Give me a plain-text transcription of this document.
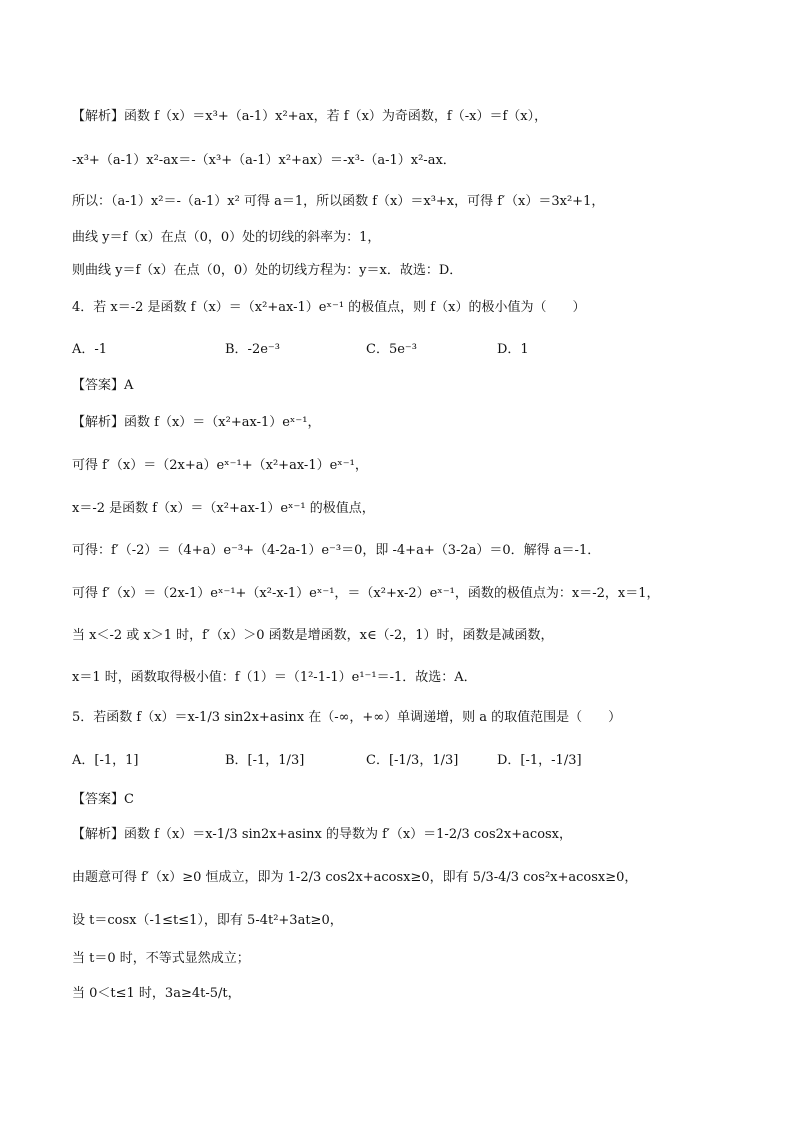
【解析】函数 f（x）＝x³+（a-1）x²+ax，若 f（x）为奇函数，f（-x）＝f（x），
-x³+（a-1）x²-ax＝-（x³+（a-1）x²+ax）＝-x³-（a-1）x²-ax．
所以：（a-1）x²＝-（a-1）x² 可得 a＝1，所以函数 f（x）＝x³+x，可得 f′（x）＝3x²+1，
曲线 y＝f（x）在点（0，0）处的切线的斜率为：1，
则曲线 y＝f（x）在点（0，0）处的切线方程为：y＝x．故选：D．
4．若 x＝-2 是函数 f（x）＝（x²+ax-1）eˣ⁻¹ 的极值点，则 f（x）的极小值为（　　）
A．-1	B．-2e⁻³	C．5e⁻³	D．1
【答案】A
【解析】函数 f（x）＝（x²+ax-1）eˣ⁻¹，
可得 f′（x）＝（2x+a）eˣ⁻¹+（x²+ax-1）eˣ⁻¹，
x＝-2 是函数 f（x）＝（x²+ax-1）eˣ⁻¹ 的极值点，
可得：f′（-2）＝（4+a）e⁻³+（4-2a-1）e⁻³＝0，即 -4+a+（3-2a）＝0．解得 a＝-1．
可得 f′（x）＝（2x-1）eˣ⁻¹+（x²-x-1）eˣ⁻¹，＝（x²+x-2）eˣ⁻¹，函数的极值点为：x＝-2，x＝1，
当 x＜-2 或 x＞1 时，f′（x）＞0 函数是增函数，x∈（-2，1）时，函数是减函数，
x＝1 时，函数取得极小值：f（1）＝（1²-1-1）e¹⁻¹＝-1．故选：A．
5．若函数 f（x）＝x-1/3 sin2x+asinx 在（-∞，+∞）单调递增，则 a 的取值范围是（　　）
A．[-1，1]	B．[-1，1/3]	C．[-1/3，1/3]	D．[-1，-1/3]
【答案】C
【解析】函数 f（x）＝x-1/3 sin2x+asinx 的导数为 f′（x）＝1-2/3 cos2x+acosx，
由题意可得 f′（x）≥0 恒成立，即为 1-2/3 cos2x+acosx≥0，即有 5/3-4/3 cos²x+acosx≥0，
设 t＝cosx（-1≤t≤1），即有 5-4t²+3at≥0，
当 t＝0 时，不等式显然成立；
当 0＜t≤1 时，3a≥4t-5/t，
